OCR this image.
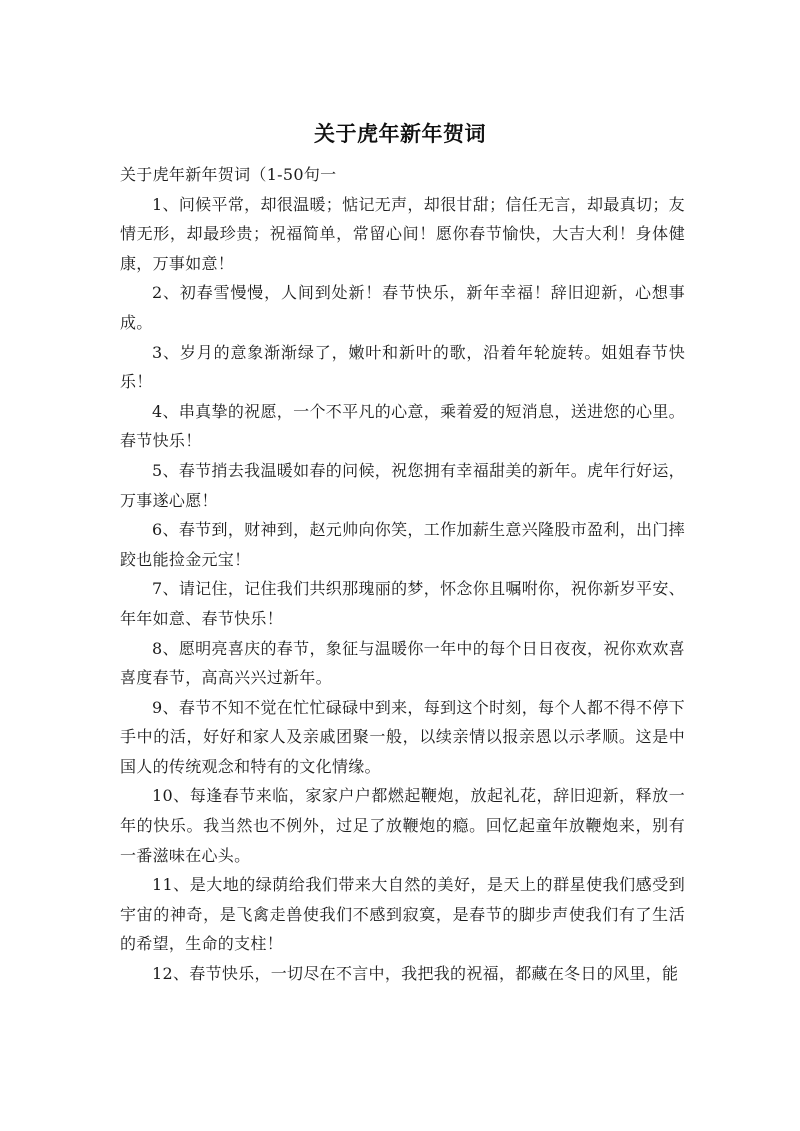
关于虎年新年贺词

关于虎年新年贺词（1-50句一

1、问候平常，却很温暖；惦记无声，却很甘甜；信任无言，却最真切；友情无形，却最珍贵；祝福简单，常留心间！愿你春节愉快，大吉大利！身体健康，万事如意！

2、初春雪慢慢，人间到处新！春节快乐，新年幸福！辞旧迎新，心想事成。

3、岁月的意象渐渐绿了，嫩叶和新叶的歌，沿着年轮旋转。姐姐春节快乐！

4、串真挚的祝愿，一个不平凡的心意，乘着爱的短消息，送进您的心里。春节快乐！

5、春节捎去我温暖如春的问候，祝您拥有幸福甜美的新年。虎年行好运，万事遂心愿！

6、春节到，财神到，赵元帅向你笑，工作加薪生意兴隆股市盈利，出门摔跤也能捡金元宝！

7、请记住，记住我们共织那瑰丽的梦，怀念你且嘱咐你，祝你新岁平安、年年如意、春节快乐！

8、愿明亮喜庆的春节，象征与温暖你一年中的每个日日夜夜，祝你欢欢喜喜度春节，高高兴兴过新年。

9、春节不知不觉在忙忙碌碌中到来，每到这个时刻，每个人都不得不停下手中的活，好好和家人及亲戚团聚一般，以续亲情以报亲恩以示孝顺。这是中国人的传统观念和特有的文化情缘。

10、每逢春节来临，家家户户都燃起鞭炮，放起礼花，辞旧迎新，释放一年的快乐。我当然也不例外，过足了放鞭炮的瘾。回忆起童年放鞭炮来，别有一番滋味在心头。

11、是大地的绿荫给我们带来大自然的美好，是天上的群星使我们感受到宇宙的神奇，是飞禽走兽使我们不感到寂寞，是春节的脚步声使我们有了生活的希望，生命的支柱！

12、春节快乐，一切尽在不言中，我把我的祝福，都藏在冬日的风里，能
